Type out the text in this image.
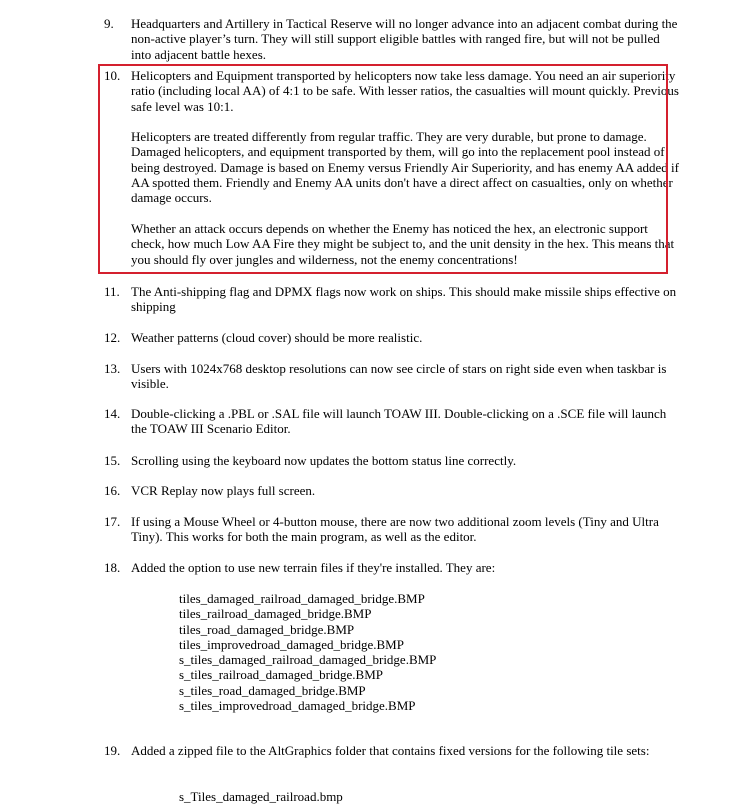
9.	Headquarters and Artillery in Tactical Reserve will no longer advance into an adjacent combat during the non-active player’s turn. They will still support eligible battles with ranged fire, but will not be pulled into adjacent battle hexes.
10. Helicopters and Equipment transported by helicopters now take less damage. You need an air superiority ratio (including local AA) of 4:1 to be safe. With lesser ratios, the casualties will mount quickly. Previous safe level was 10:1.
Helicopters are treated differently from regular traffic. They are very durable, but prone to damage. Damaged helicopters, and equipment transported by them, will go into the replacement pool instead of being destroyed. Damage is based on Enemy versus Friendly Air Superiority, and has enemy AA added if AA spotted them. Friendly and Enemy AA units don't have a direct affect on casualties, only on whether damage occurs.
Whether an attack occurs depends on whether the Enemy has noticed the hex, an electronic support check, how much Low AA Fire they might be subject to, and the unit density in the hex. This means that you should fly over jungles and wilderness, not the enemy concentrations!
11. The Anti-shipping flag and DPMX flags now work on ships. This should make missile ships effective on shipping
12. Weather patterns (cloud cover) should be more realistic.
13. Users with 1024x768 desktop resolutions can now see circle of stars on right side even when taskbar is visible.
14. Double-clicking a .PBL or .SAL file will launch TOAW III. Double-clicking on a .SCE file will launch the TOAW III Scenario Editor.
15. Scrolling using the keyboard now updates the bottom status line correctly.
16. VCR Replay now plays full screen.
17. If using a Mouse Wheel or 4-button mouse, there are now two additional zoom levels (Tiny and Ultra Tiny). This works for both the main program, as well as the editor.
18. Added the option to use new terrain files if they're installed. They are:
tiles_damaged_railroad_damaged_bridge.BMP
tiles_railroad_damaged_bridge.BMP
tiles_road_damaged_bridge.BMP
tiles_improvedroad_damaged_bridge.BMP
s_tiles_damaged_railroad_damaged_bridge.BMP
s_tiles_railroad_damaged_bridge.BMP
s_tiles_road_damaged_bridge.BMP
s_tiles_improvedroad_damaged_bridge.BMP
19. Added a zipped file to the AltGraphics folder that contains fixed versions for the following tile sets:
s_Tiles_damaged_railroad.bmp
